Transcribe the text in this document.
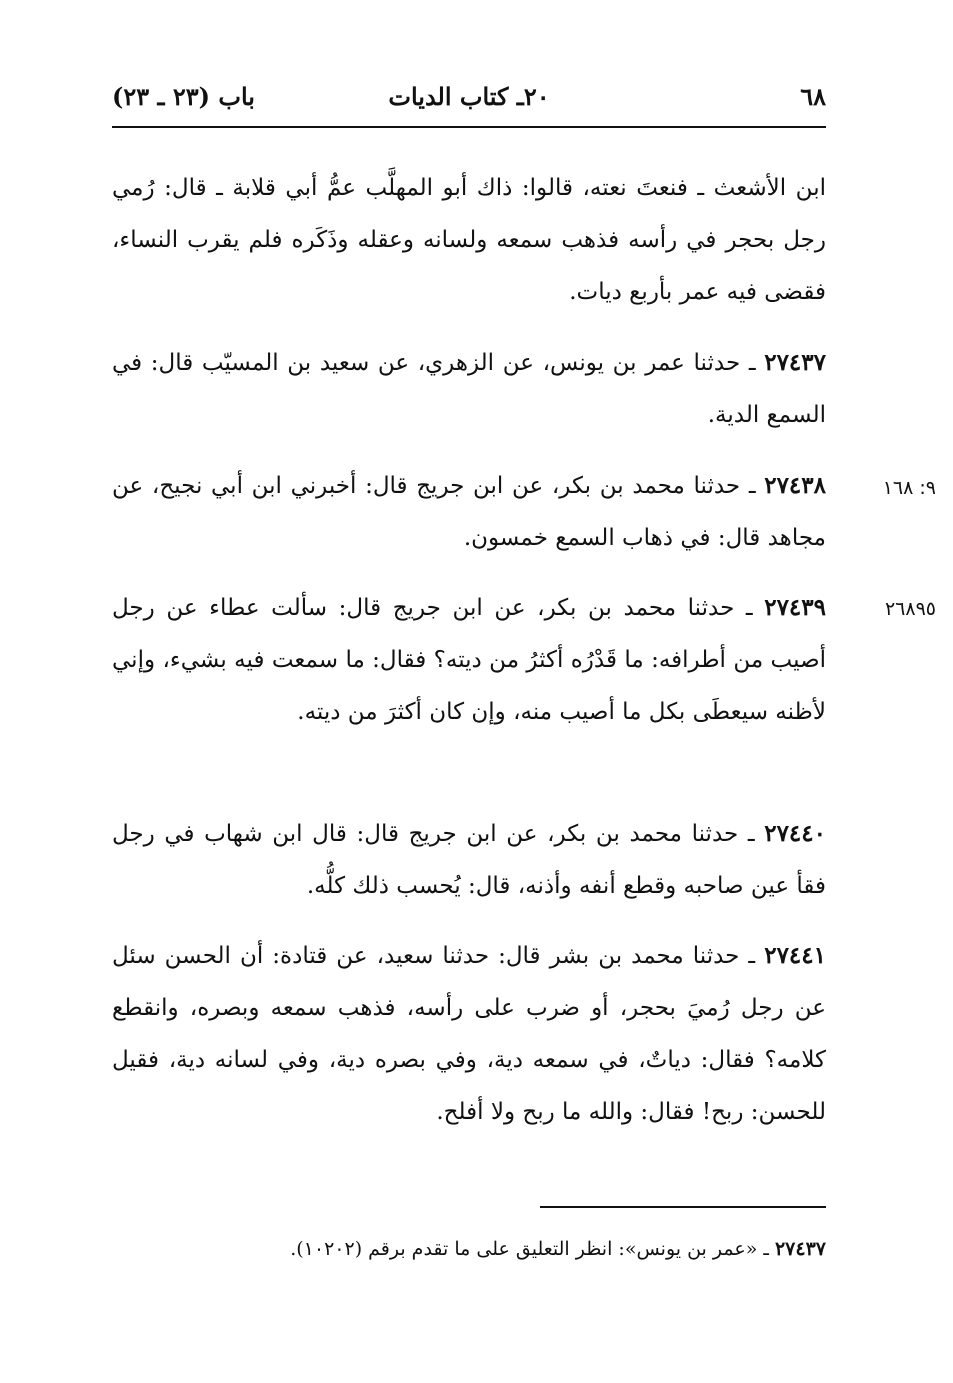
٦٨
٢٠ـ كتاب الديات
باب (٢٣ ـ ٢٣)

ابن الأشعث ـ فنعتَ نعته، قالوا: ذاك أبو المهلَّب عمُّ أبي قلابة ـ قال: رُمي رجل بحجر في رأسه فذهب سمعه ولسانه وعقله وذَكَره فلم يقرب النساء، فقضى فيه عمر بأربع ديات.

٢٧٤٣٧ ـ حدثنا عمر بن يونس، عن الزهري، عن سعيد بن المسيّب قال: في السمع الدية.

٩: ١٦٨

٢٧٤٣٨ ـ حدثنا محمد بن بكر، عن ابن جريج قال: أخبرني ابن أبي نجيح، عن مجاهد قال: في ذهاب السمع خمسون.

٢٦٨٩٥

٢٧٤٣٩ ـ حدثنا محمد بن بكر، عن ابن جريج قال: سألت عطاء عن رجل أصيب من أطرافه: ما قَدْرُه أكثرُ من ديته؟ فقال: ما سمعت فيه بشيء، وإني لأظنه سيعطَى بكل ما أصيب منه، وإن كان أكثرَ من ديته.

٢٧٤٤٠ ـ حدثنا محمد بن بكر، عن ابن جريج قال: قال ابن شهاب في رجل فقأ عين صاحبه وقطع أنفه وأذنه، قال: يُحسب ذلك كلُّه.

٢٧٤٤١ ـ حدثنا محمد بن بشر قال: حدثنا سعيد، عن قتادة: أن الحسن سئل عن رجل رُميَ بحجر، أو ضرب على رأسه، فذهب سمعه وبصره، وانقطع كلامه؟ فقال: دياتٌ، في سمعه دية، وفي بصره دية، وفي لسانه دية، فقيل للحسن: ربح! فقال: والله ما ربح ولا أفلح.

٢٧٤٣٧ ـ «عمر بن يونس»: انظر التعليق على ما تقدم برقم (١٠٢٠٢).
